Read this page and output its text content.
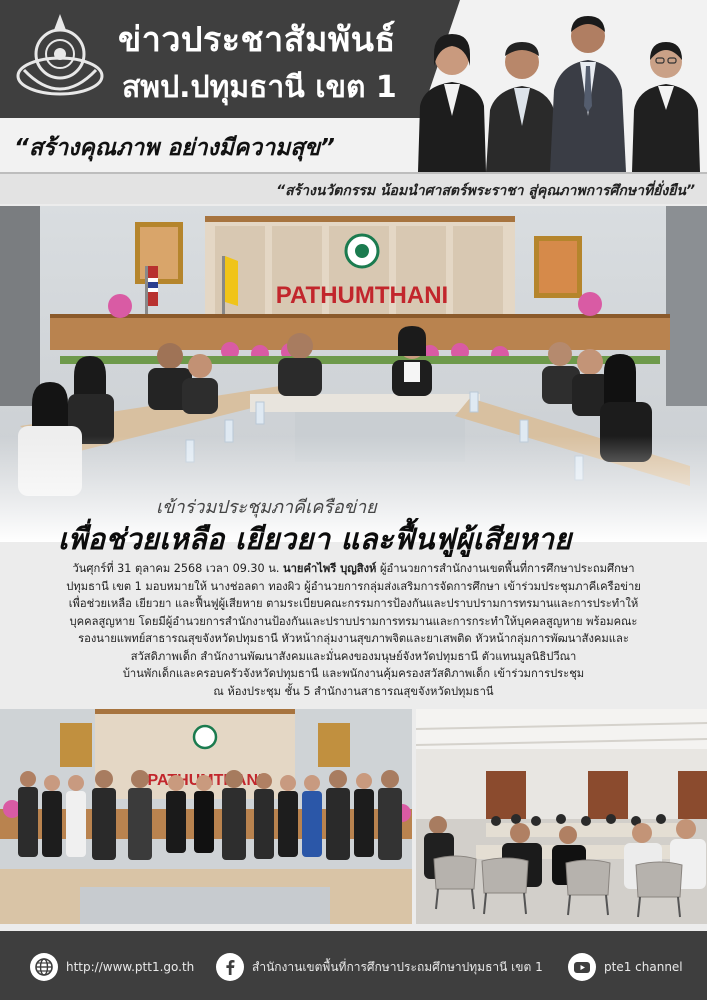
ข่าวประชาสัมพันธ์
สพป.ปทุมธานี เขต 1
“สร้างคุณภาพ อย่างมีความสุข”
“สร้างนวัตกรรม น้อมนำศาสตร์พระราชา สู่คุณภาพการศึกษาที่ยั่งยืน”
PATHUMTHANI
เข้าร่วมประชุมภาคีเครือข่าย
เพื่อช่วยเหลือ เยียวยา และฟื้นฟูผู้เสียหาย
วันศุกร์ที่ 31 ตุลาคม 2568 เวลา 09.30 น. นายคำไพรี บุญสิงห์ ผู้อำนวยการสำนักงานเขตพื้นที่การศึกษาประถมศึกษา
ปทุมธานี เขต 1 มอบหมายให้ นางช่อลดา ทองผิว ผู้อำนวยการกลุ่มส่งเสริมการจัดการศึกษา เข้าร่วมประชุมภาคีเครือข่าย
เพื่อช่วยเหลือ เยียวยา และฟื้นฟูผู้เสียหาย ตามระเบียบคณะกรรมการป้องกันและปราบปรามการทรมานและการประทำให้
บุคคลสูญหาย โดยมีผู้อำนวยการสำนักงานป้องกันและปราบปรามการทรมานและการกระทำให้บุคคลสูญหาย พร้อมคณะ
รองนายแพทย์สาธารณสุขจังหวัดปทุมธานี หัวหน้ากลุ่มงานสุขภาพจิตและยาเสพติด หัวหน้ากลุ่มการพัฒนาสังคมและ
สวัสดิภาพเด็ก สำนักงานพัฒนาสังคมและมั่นคงของมนุษย์จังหวัดปทุมธานี ตัวแทนมูลนิธิปวีณา
บ้านพักเด็กและครอบครัวจังหวัดปทุมธานี และพนักงานคุ้มครองสวัสดิภาพเด็ก เข้าร่วมการประชุม
ณ ห้องประชุม ชั้น 5 สำนักงานสาธารณสุขจังหวัดปทุมธานี
http://www.ptt1.go.th	สำนักงานเขตพื้นที่การศึกษาประถมศึกษาปทุมธานี เขต 1	pte1 channel
